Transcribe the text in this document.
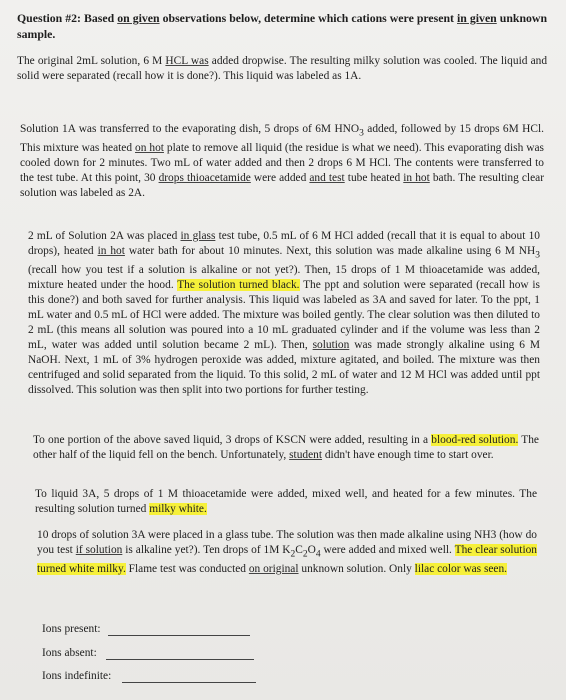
Question #2: Based on given observations below, determine which cations were present in given unknown sample.

The original 2mL solution, 6 M HCL was added dropwise. The resulting milky solution was cooled. The liquid and solid were separated (recall how it is done?). This liquid was labeled as 1A.

Solution 1A was transferred to the evaporating dish, 5 drops of 6M $HNO_3$ added, followed by 15 drops 6M HCl. This mixture was heated on hot plate to remove all liquid (the residue is what we need). This evaporating dish was cooled down for 2 minutes. Two mL of water added and then 2 drops 6 M HCl. The contents were transferred to the test tube. At this point, 30 drops thioacetamide were added and test tube heated in hot bath. The resulting clear solution was labeled as 2A.

2 mL of Solution 2A was placed in glass test tube, 0.5 mL of 6 M HCl added (recall that it is equal to about 10 drops), heated in hot water bath for about 10 minutes. Next, this solution was made alkaline using 6 M $NH_3$ (recall how you test if a solution is alkaline or not yet?). Then, 15 drops of 1 M thioacetamide was added, mixture heated under the hood. The solution turned black. The ppt and solution were separated (recall how is this done?) and both saved for further analysis. This liquid was labeled as 3A and saved for later. To the ppt, 1 mL water and 0.5 mL of HCl were added. The mixture was boiled gently. The clear solution was then diluted to 2 mL (this means all solution was poured into a 10 mL graduated cylinder and if the volume was less than 2 mL, water was added until solution became 2 mL). Then, solution was made strongly alkaline using 6 M NaOH. Next, 1 mL of 3% hydrogen peroxide was added, mixture agitated, and boiled. The mixture was then centrifuged and solid separated from the liquid. To this solid, 2 mL of water and 12 M HCl was added until ppt dissolved. This solution was then split into two portions for further testing.

To one portion of the above saved liquid, 3 drops of KSCN were added, resulting in a blood-red solution. The other half of the liquid fell on the bench. Unfortunately, student didn't have enough time to start over.

To liquid 3A, 5 drops of 1 M thioacetamide were added, mixed well, and heated for a few minutes. The resulting solution turned milky white.

10 drops of solution 3A were placed in a glass tube. The solution was then made alkaline using NH3 (how do you test if solution is alkaline yet?). Ten drops of 1M $K_2C_2O_4$ were added and mixed well. The clear solution turned white milky. Flame test was conducted on original unknown solution. Only lilac color was seen.

Ions present:
Ions absent:
Ions indefinite:
